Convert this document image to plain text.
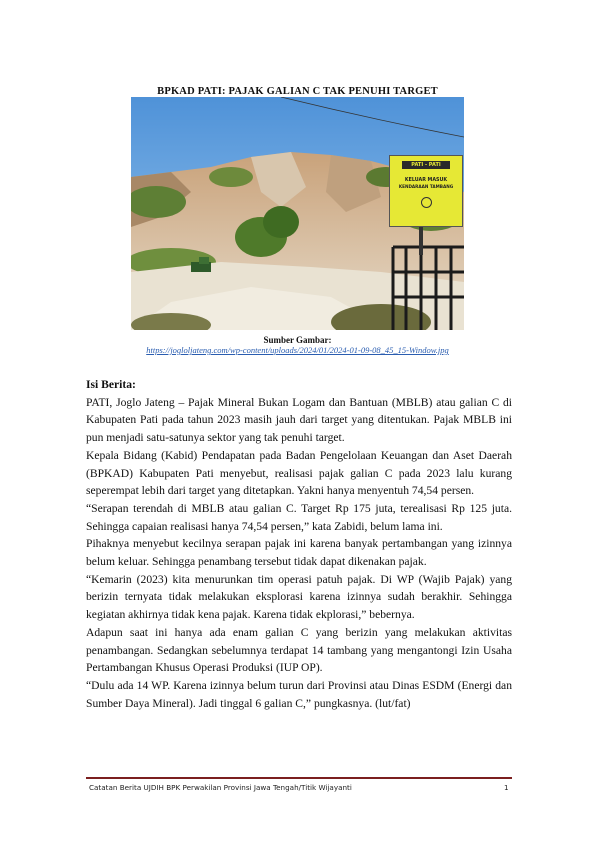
BPKAD PATI: PAJAK GALIAN C TAK PENUHI TARGET
PATI - PATI
KELUAR MASUK
KENDARAAN TAMBANG
Sumber Gambar:
https://jogloljateng.com/wp-content/uploads/2024/01/2024-01-09-08_45_15-Window.jpg

Isi Berita:

PATI, Joglo Jateng – Pajak Mineral Bukan Logam dan Bantuan (MBLB) atau galian C di Kabupaten Pati pada tahun 2023 masih jauh dari target yang ditentukan. Pajak MBLB ini pun menjadi satu-satunya sektor yang tak penuhi target.

Kepala Bidang (Kabid) Pendapatan pada Badan Pengelolaan Keuangan dan Aset Daerah (BPKAD) Kabupaten Pati menyebut, realisasi pajak galian C pada 2023 lalu kurang seperempat lebih dari target yang ditetapkan. Yakni hanya menyentuh 74,54 persen.

“Serapan terendah di MBLB atau galian C. Target Rp 175 juta, terealisasi Rp 125 juta. Sehingga capaian realisasi hanya 74,54 persen,” kata Zabidi, belum lama ini.

Pihaknya menyebut kecilnya serapan pajak ini karena banyak pertambangan yang izinnya belum keluar. Sehingga penambang tersebut tidak dapat dikenakan pajak.

“Kemarin (2023) kita menurunkan tim operasi patuh pajak. Di WP (Wajib Pajak) yang berizin ternyata tidak melakukan eksplorasi karena izinnya sudah berakhir. Sehingga kegiatan akhirnya tidak kena pajak. Karena tidak ekplorasi,” bebernya.

Adapun saat ini hanya ada enam galian C yang berizin yang melakukan aktivitas penambangan. Sedangkan sebelumnya terdapat 14 tambang yang mengantongi Izin Usaha Pertambangan Khusus Operasi Produksi (IUP OP).

“Dulu ada 14 WP. Karena izinnya belum turun dari Provinsi atau Dinas ESDM (Energi dan Sumber Daya Mineral). Jadi tinggal 6 galian C,” pungkasnya. (lut/fat)

Catatan Berita UJDIH BPK Perwakilan Provinsi Jawa Tengah/Titik Wijayanti	1
